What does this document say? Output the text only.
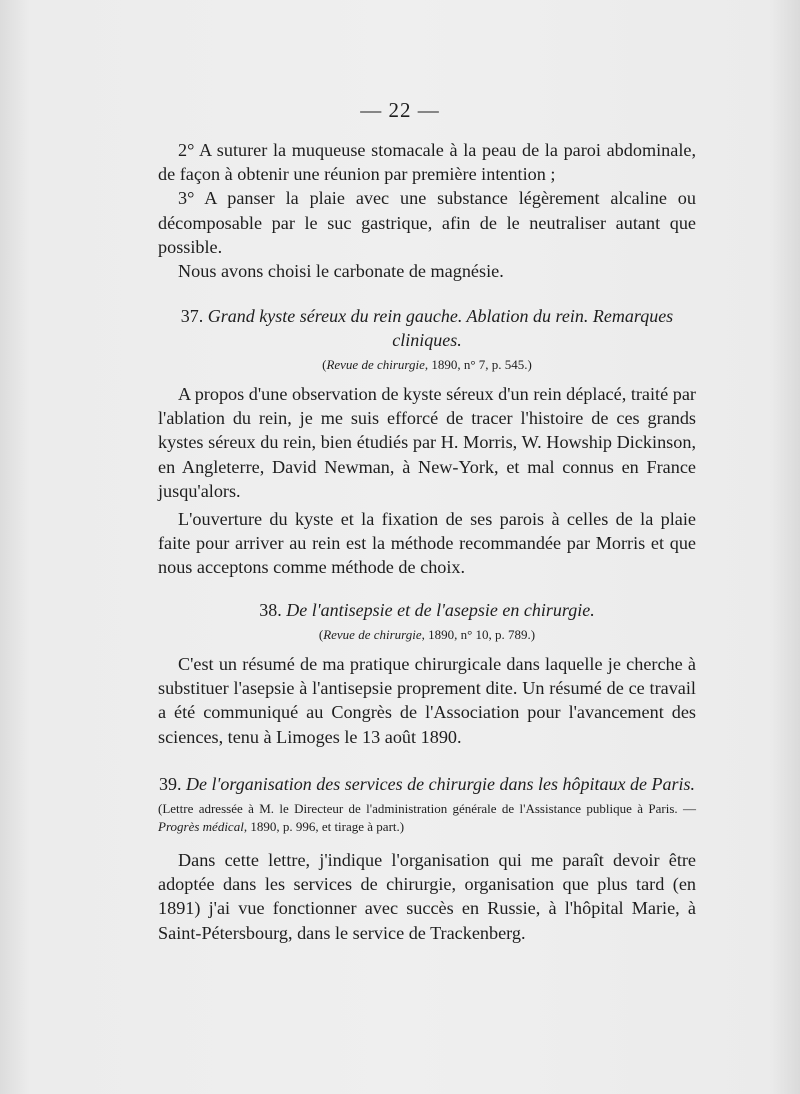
— 22 —

2° A suturer la muqueuse stomacale à la peau de la paroi abdominale, de façon à obtenir une réunion par première intention ;

3° A panser la plaie avec une substance légèrement alcaline ou décomposable par le suc gastrique, afin de le neutraliser autant que possible.

Nous avons choisi le carbonate de magnésie.

37. Grand kyste séreux du rein gauche. Ablation du rein. Remarques cliniques.

(Revue de chirurgie, 1890, n° 7, p. 545.)

A propos d'une observation de kyste séreux d'un rein déplacé, traité par l'ablation du rein, je me suis efforcé de tracer l'histoire de ces grands kystes séreux du rein, bien étudiés par H. Morris, W. Howship Dickinson, en Angleterre, David Newman, à New-York, et mal connus en France jusqu'alors.

L'ouverture du kyste et la fixation de ses parois à celles de la plaie faite pour arriver au rein est la méthode recommandée par Morris et que nous acceptons comme méthode de choix.

38. De l'antisepsie et de l'asepsie en chirurgie.

(Revue de chirurgie, 1890, n° 10, p. 789.)

C'est un résumé de ma pratique chirurgicale dans laquelle je cherche à substituer l'asepsie à l'antisepsie proprement dite. Un résumé de ce travail a été communiqué au Congrès de l'Association pour l'avancement des sciences, tenu à Limoges le 13 août 1890.

39. De l'organisation des services de chirurgie dans les hôpitaux de Paris.

(Lettre adressée à M. le Directeur de l'administration générale de l'Assistance publique à Paris. — Progrès médical, 1890, p. 996, et tirage à part.)

Dans cette lettre, j'indique l'organisation qui me paraît devoir être adoptée dans les services de chirurgie, organisation que plus tard (en 1891) j'ai vue fonctionner avec succès en Russie, à l'hôpital Marie, à Saint-Pétersbourg, dans le service de Trackenberg.
